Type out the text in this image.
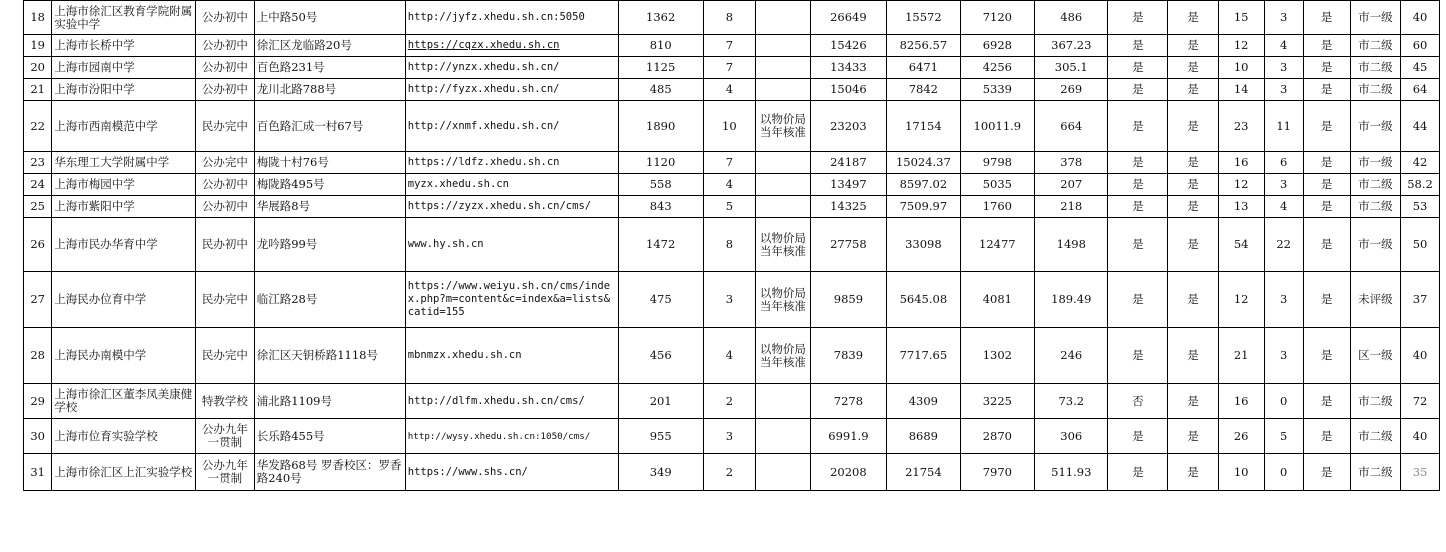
18	上海市徐汇区教育学院附属实验中学	公办初中	上中路50号	http://jyfz.xhedu.sh.cn:5050	1362	8		26649	15572	7120	486	是	是	15	3	是	市一级	40
19	上海市长桥中学	公办初中	徐汇区龙临路20号	https://cqzx.xhedu.sh.cn	810	7		15426	8256.57	6928	367.23	是	是	12	4	是	市二级	60
20	上海市园南中学	公办初中	百色路231号	http://ynzx.xhedu.sh.cn/	1125	7		13433	6471	4256	305.1	是	是	10	3	是	市二级	45
21	上海市汾阳中学	公办初中	龙川北路788号	http://fyzx.xhedu.sh.cn/	485	4		15046	7842	5339	269	是	是	14	3	是	市二级	64
22	上海市西南模范中学	民办完中	百色路汇成一村67号	http://xnmf.xhedu.sh.cn/	1890	10	以物价局当年核准	23203	17154	10011.9	664	是	是	23	11	是	市一级	44
23	华东理工大学附属中学	公办完中	梅陇十村76号	https://ldfz.xhedu.sh.cn	1120	7		24187	15024.37	9798	378	是	是	16	6	是	市一级	42
24	上海市梅园中学	公办初中	梅陇路495号	myzx.xhedu.sh.cn	558	4		13497	8597.02	5035	207	是	是	12	3	是	市二级	58.2
25	上海市紫阳中学	公办初中	华展路8号	https://zyzx.xhedu.sh.cn/cms/	843	5		14325	7509.97	1760	218	是	是	13	4	是	市二级	53
26	上海市民办华育中学	民办初中	龙吟路99号	www.hy.sh.cn	1472	8	以物价局当年核准	27758	33098	12477	1498	是	是	54	22	是	市一级	50
27	上海民办位育中学	民办完中	临江路28号	https://www.weiyu.sh.cn/cms/index.php?m=content&c=index&a=lists&catid=155	475	3	以物价局当年核准	9859	5645.08	4081	189.49	是	是	12	3	是	未评级	37
28	上海民办南模中学	民办完中	徐汇区天钥桥路1118号	mbnmzx.xhedu.sh.cn	456	4	以物价局当年核准	7839	7717.65	1302	246	是	是	21	3	是	区一级	40
29	上海市徐汇区董李凤美康健学校	特教学校	浦北路1109号	http://dlfm.xhedu.sh.cn/cms/	201	2		7278	4309	3225	73.2	否	是	16	0	是	市二级	72
30	上海市位育实验学校	公办九年一贯制	长乐路455号	http://wysy.xhedu.sh.cn:1050/cms/	955	3		6991.9	8689	2870	306	是	是	26	5	是	市二级	40
31	上海市徐汇区上汇实验学校	公办九年一贯制	华发路68号 罗香校区：罗香路240号	https://www.shs.cn/	349	2		20208	21754	7970	511.93	是	是	10	0	是	市二级	35
